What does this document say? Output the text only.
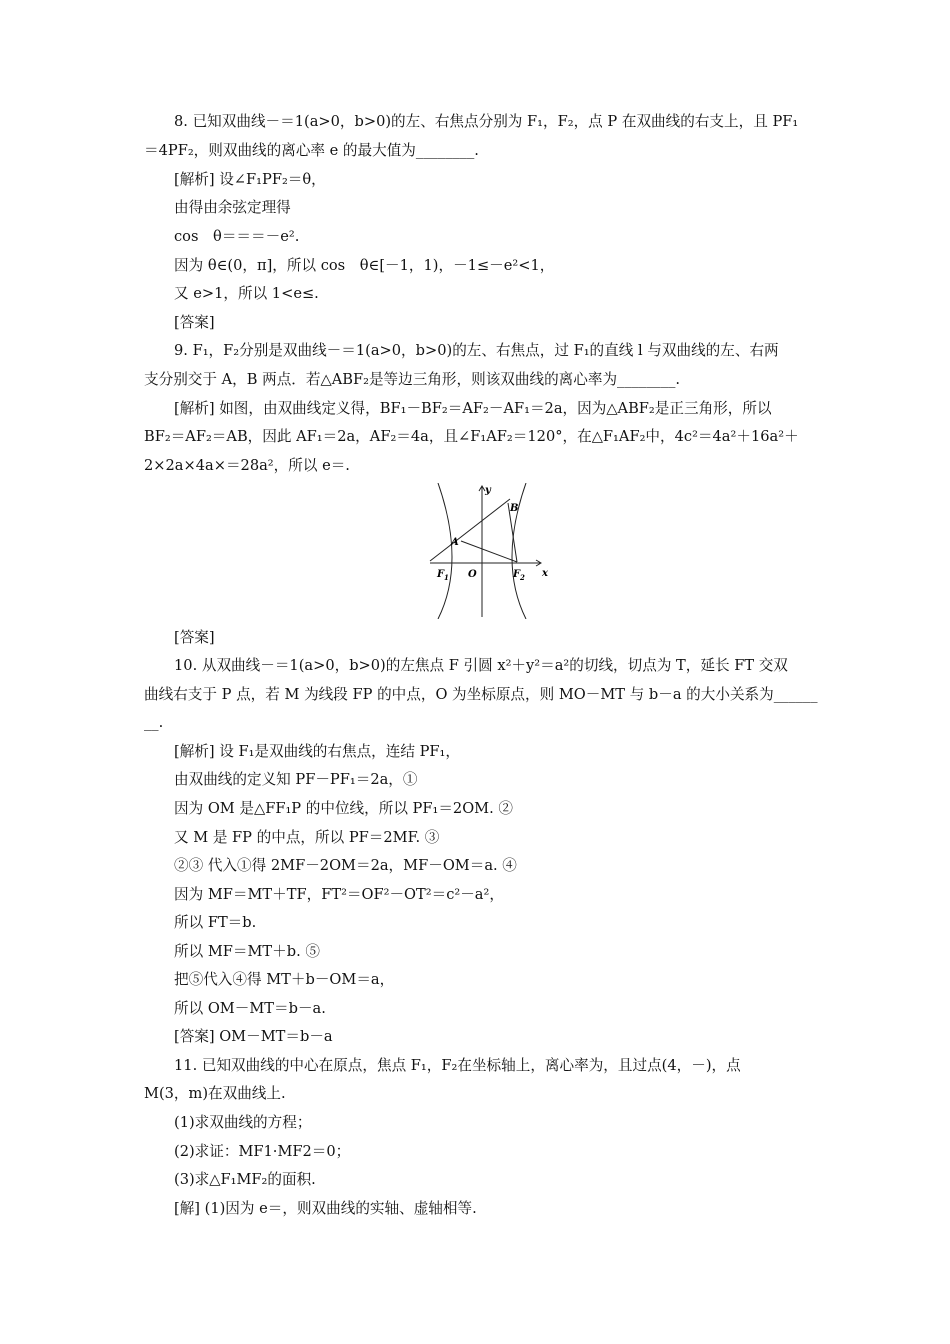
8. 已知双曲线－＝1(a>0，b>0)的左、右焦点分别为 F₁，F₂，点 P 在双曲线的右支上，且 PF₁
＝4PF₂，则双曲线的离心率 e 的最大值为________.
[解析] 设∠F₁PF₂＝θ，
由得由余弦定理得
cos　θ＝＝＝－e².
因为 θ∈(0，π]，所以 cos　θ∈[－1，1)，－1≤－e²<1，
又 e>1，所以 1<e≤.
[答案]
9. F₁，F₂分别是双曲线－＝1(a>0，b>0)的左、右焦点，过 F₁的直线 l 与双曲线的左、右两
支分别交于 A，B 两点．若△ABF₂是等边三角形，则该双曲线的离心率为________.
[解析] 如图，由双曲线定义得，BF₁－BF₂＝AF₂－AF₁＝2a，因为△ABF₂是正三角形，所以
BF₂＝AF₂＝AB，因此 AF₁＝2a，AF₂＝4a，且∠F₁AF₂＝120°，在△F₁AF₂中，4c²＝4a²＋16a²＋
2×2a×4a×＝28a²，所以 e＝.
[答案]
10. 从双曲线－＝1(a>0，b>0)的左焦点 F 引圆 x²＋y²＝a²的切线，切点为 T，延长 FT 交双
曲线右支于 P 点，若 M 为线段 FP 的中点，O 为坐标原点，则 MO－MT 与 b－a 的大小关系为______
__.
[解析] 设 F₁是双曲线的右焦点，连结 PF₁，
由双曲线的定义知 PF－PF₁＝2a，①
因为 OM 是△FF₁P 的中位线，所以 PF₁＝2OM. ②
又 M 是 FP 的中点，所以 PF＝2MF. ③
②③ 代入①得 2MF－2OM＝2a，MF－OM＝a. ④
因为 MF＝MT＋TF，FT²＝OF²－OT²＝c²－a²，
所以 FT＝b.
所以 MF＝MT＋b. ⑤
把⑤代入④得 MT＋b－OM＝a，
所以 OM－MT＝b－a.
[答案] OM－MT＝b－a
11. 已知双曲线的中心在原点，焦点 F₁，F₂在坐标轴上，离心率为，且过点(4，－)，点
M(3，m)在双曲线上.
(1)求双曲线的方程；
(2)求证：MF1·MF2＝0；
(3)求△F₁MF₂的面积.
[解] (1)因为 e＝，则双曲线的实轴、虚轴相等.
y
x
B
A
F 1 O	F 2
